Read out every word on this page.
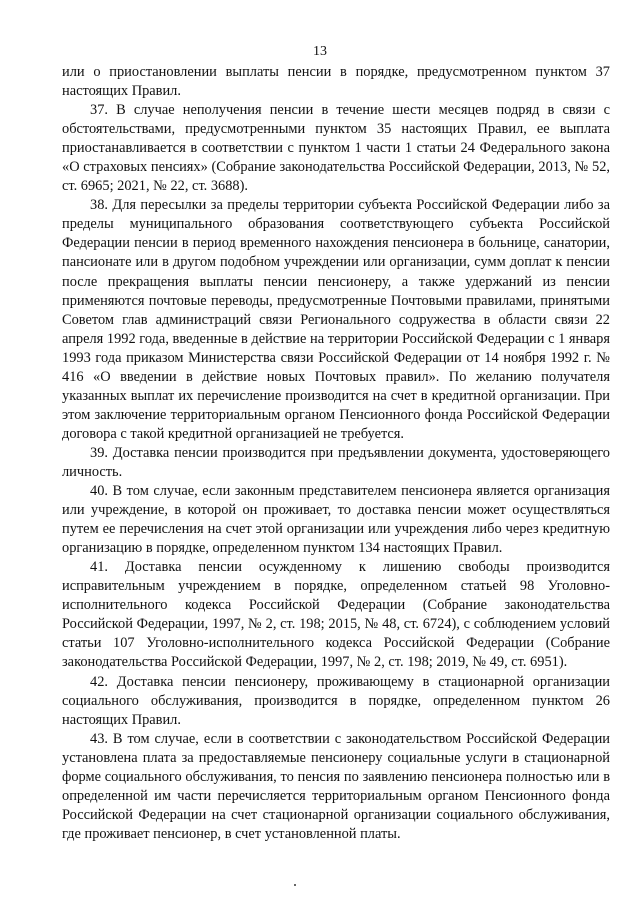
13

или о приостановлении выплаты пенсии в порядке, предусмотренном пунктом 37 настоящих Правил.

37. В случае неполучения пенсии в течение шести месяцев подряд в связи с обстоятельствами, предусмотренными пунктом 35 настоящих Правил, ее выплата приостанавливается в соответствии с пунктом 1 части 1 статьи 24 Федерального закона «О страховых пенсиях» (Собрание законодательства Российской Федерации, 2013, № 52, ст. 6965; 2021, № 22, ст. 3688).

38. Для пересылки за пределы территории субъекта Российской Федерации либо за пределы муниципального образования соответствующего субъекта Российской Федерации пенсии в период временного нахождения пенсионера в больнице, санатории, пансионате или в другом подобном учреждении или организации, сумм доплат к пенсии после прекращения выплаты пенсии пенсионеру, а также удержаний из пенсии применяются почтовые переводы, предусмотренные Почтовыми правилами, принятыми Советом глав администраций связи Регионального содружества в области связи 22 апреля 1992 года, введенные в действие на территории Российской Федерации с 1 января 1993 года приказом Министерства связи Российской Федерации от 14 ноября 1992 г. № 416 «О введении в действие новых Почтовых правил». По желанию получателя указанных выплат их перечисление производится на счет в кредитной организации. При этом заключение территориальным органом Пенсионного фонда Российской Федерации договора с такой кредитной организацией не требуется.

39. Доставка пенсии производится при предъявлении документа, удостоверяющего личность.

40. В том случае, если законным представителем пенсионера является организация или учреждение, в которой он проживает, то доставка пенсии может осуществляться путем ее перечисления на счет этой организации или учреждения либо через кредитную организацию в порядке, определенном пунктом 134 настоящих Правил.

41. Доставка пенсии осужденному к лишению свободы производится исправительным учреждением в порядке, определенном статьей 98 Уголовно-исполнительного кодекса Российской Федерации (Собрание законодательства Российской Федерации, 1997, № 2, ст. 198; 2015, № 48, ст. 6724), с соблюдением условий статьи 107 Уголовно-исполнительного кодекса Российской Федерации (Собрание законодательства Российской Федерации, 1997, № 2, ст. 198; 2019, № 49, ст. 6951).

42. Доставка пенсии пенсионеру, проживающему в стационарной организации социального обслуживания, производится в порядке, определенном пунктом 26 настоящих Правил.

43. В том случае, если в соответствии с законодательством Российской Федерации установлена плата за предоставляемые пенсионеру социальные услуги в стационарной форме социального обслуживания, то пенсия по заявлению пенсионера полностью или в определенной им части перечисляется территориальным органом Пенсионного фонда Российской Федерации на счет стационарной организации социального обслуживания, где проживает пенсионер, в счет установленной платы.
